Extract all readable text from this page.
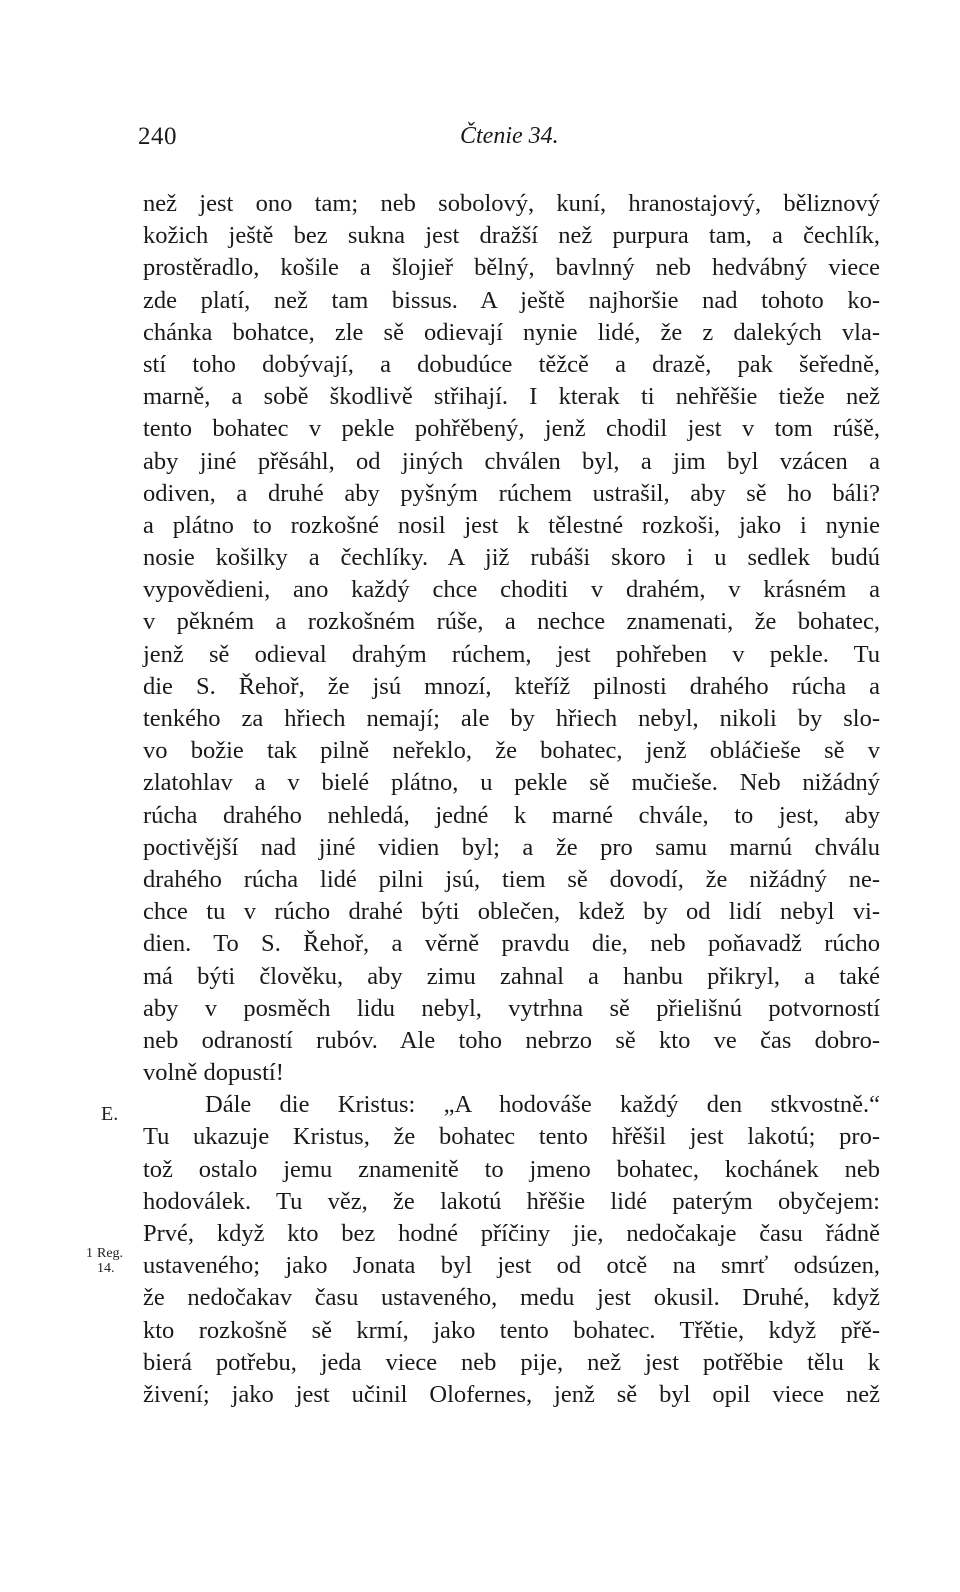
240	Čtenie 34.
E.
1 Reg.
14.
než jest ono tam; neb sobolový, kuní, hranostajový, běliznový
kožich ještě bez sukna jest dražší než purpura tam, a čechlík,
prostěradlo, košile a šlojieř bělný, bavlnný neb hedvábný viece
zde platí, než tam bissus. A ještě najhoršie nad tohoto ko-
chánka bohatce, zle sě odievají nynie lidé, že z dalekých vla-
stí toho dobývají, a dobudúce těžcě a drazě, pak šeředně,
marně, a sobě škodlivě střihají. I kterak ti nehřěšie tieže než
tento bohatec v pekle pohřěbený, jenž chodil jest v tom rúšě,
aby jiné přěsáhl, od jiných chválen byl, a jim byl vzácen a
odiven, a druhé aby pyšným rúchem ustrašil, aby sě ho báli?
a plátno to rozkošné nosil jest k tělestné rozkoši, jako i nynie
nosie košilky a čechlíky. A již rubáši skoro i u sedlek budú
vypovědieni, ano každý chce choditi v drahém, v krásném a
v pěkném a rozkošném rúše, a nechce znamenati, že bohatec,
jenž sě odieval drahým rúchem, jest pohřeben v pekle. Tu
die S. Řehoř, že jsú mnozí, kteříž pilnosti drahého rúcha a
tenkého za hřiech nemají; ale by hřiech nebyl, nikoli by slo-
vo božie tak pilně neřeklo, že bohatec, jenž obláčieše sě v
zlatohlav a v bielé plátno, u pekle sě mučieše. Neb nižádný
rúcha drahého nehledá, jedné k marné chvále, to jest, aby
poctivější nad jiné vidien byl; a že pro samu marnú chválu
drahého rúcha lidé pilni jsú, tiem sě dovodí, že nižádný ne-
chce tu v rúcho drahé býti oblečen, kdež by od lidí nebyl vi-
dien. To S. Řehoř, a věrně pravdu die, neb poňavadž rúcho
má býti člověku, aby zimu zahnal a hanbu přikryl, a také
aby v posměch lidu nebyl, vytrhna sě přielišnú potvorností
neb odraností rubóv. Ale toho nebrzo sě kto ve čas dobro-
volně dopustí!
Dále die Kristus: „A hodováše každý den stkvostně.“
Tu ukazuje Kristus, že bohatec tento hřěšil jest lakotú; pro-
tož ostalo jemu znamenitě to jmeno bohatec, kochánek neb
hodoválek. Tu věz, že lakotú hřěšie lidé paterým obyčejem:
Prvé, když kto bez hodné příčiny jie, nedočakaje času řádně
ustaveného; jako Jonata byl jest od otcě na smrť odsúzen,
že nedočakav času ustaveného, medu jest okusil. Druhé, když
kto rozkošně sě krmí, jako tento bohatec. Třětie, když přě-
bierá potřebu, jeda viece neb pije, než jest potřěbie tělu k
živení; jako jest učinil Olofernes, jenž sě byl opil viece než
